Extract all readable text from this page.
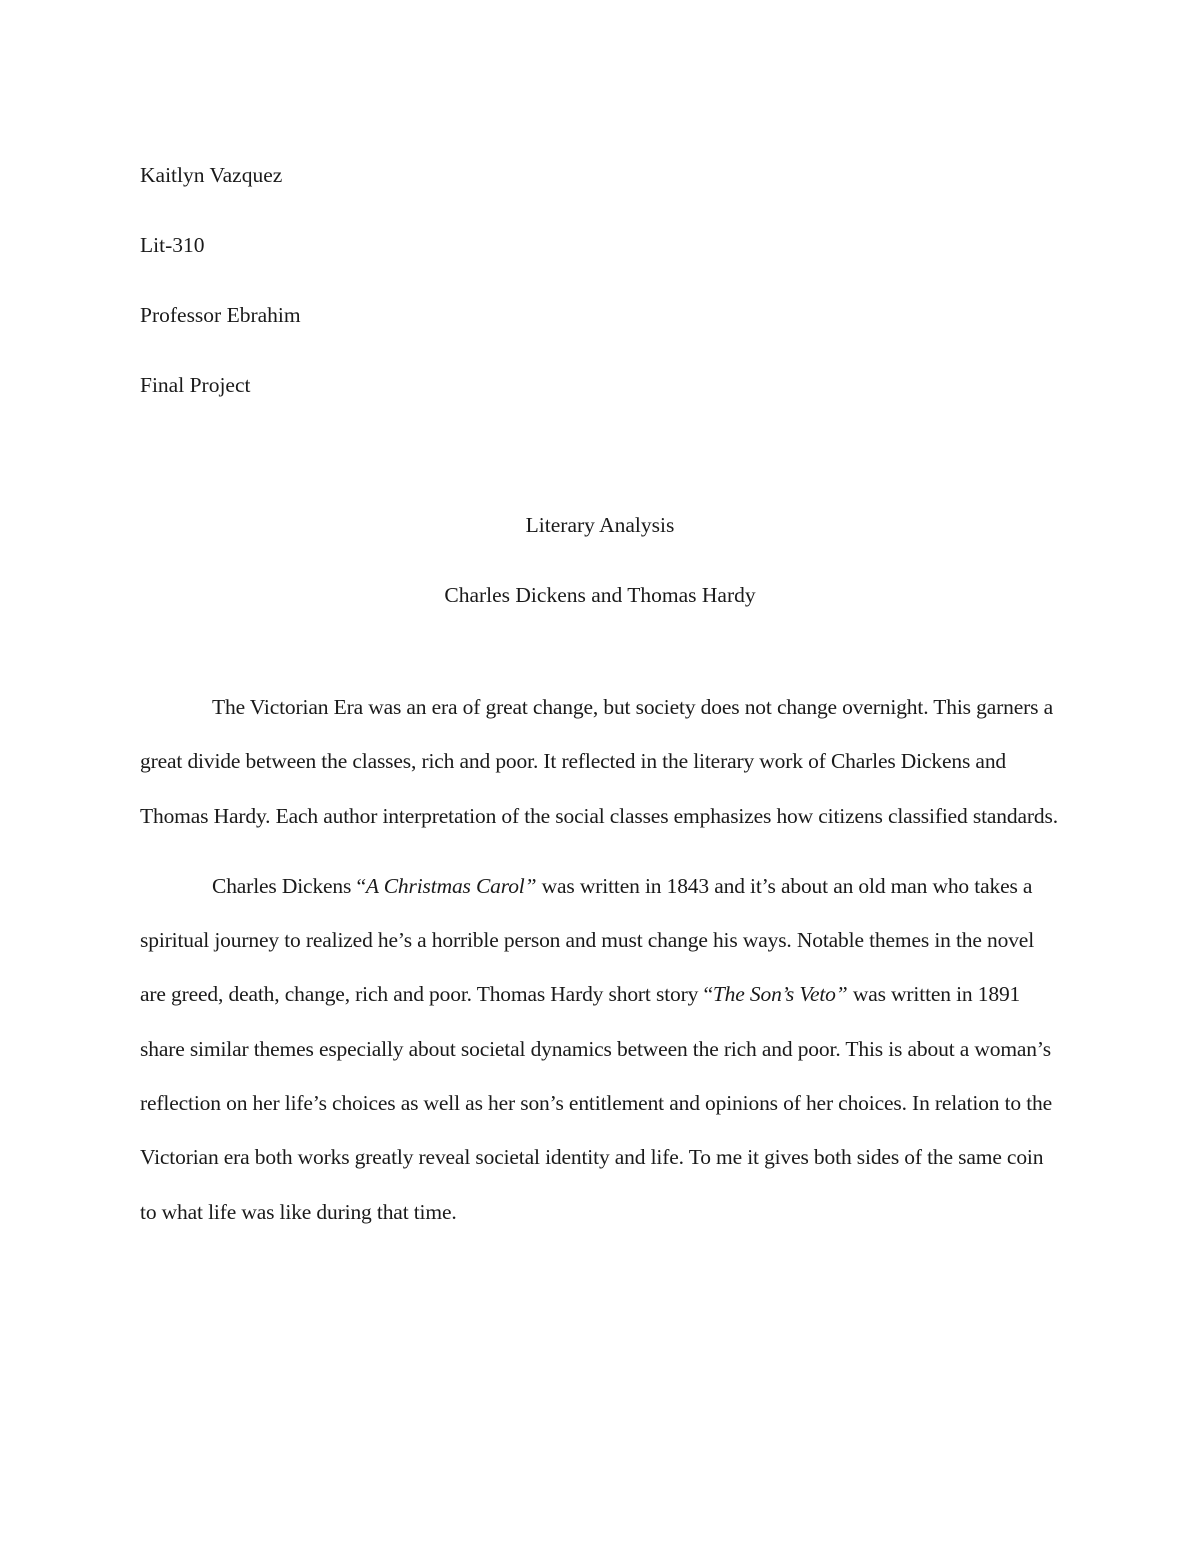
Kaitlyn Vazquez

Lit-310

Professor Ebrahim

Final Project

Literary Analysis

Charles Dickens and Thomas Hardy

The Victorian Era was an era of great change, but society does not change overnight. This garners a great divide between the classes, rich and poor. It reflected in the literary work of Charles Dickens and Thomas Hardy. Each author interpretation of the social classes emphasizes how citizens classified standards.

Charles Dickens “A Christmas Carol” was written in 1843 and it’s about an old man who takes a spiritual journey to realized he’s a horrible person and must change his ways. Notable themes in the novel are greed, death, change, rich and poor. Thomas Hardy short story “The Son’s Veto” was written in 1891 share similar themes especially about societal dynamics between the rich and poor. This is about a woman’s reflection on her life’s choices as well as her son’s entitlement and opinions of her choices. In relation to the Victorian era both works greatly reveal societal identity and life. To me it gives both sides of the same coin to what life was like during that time.
